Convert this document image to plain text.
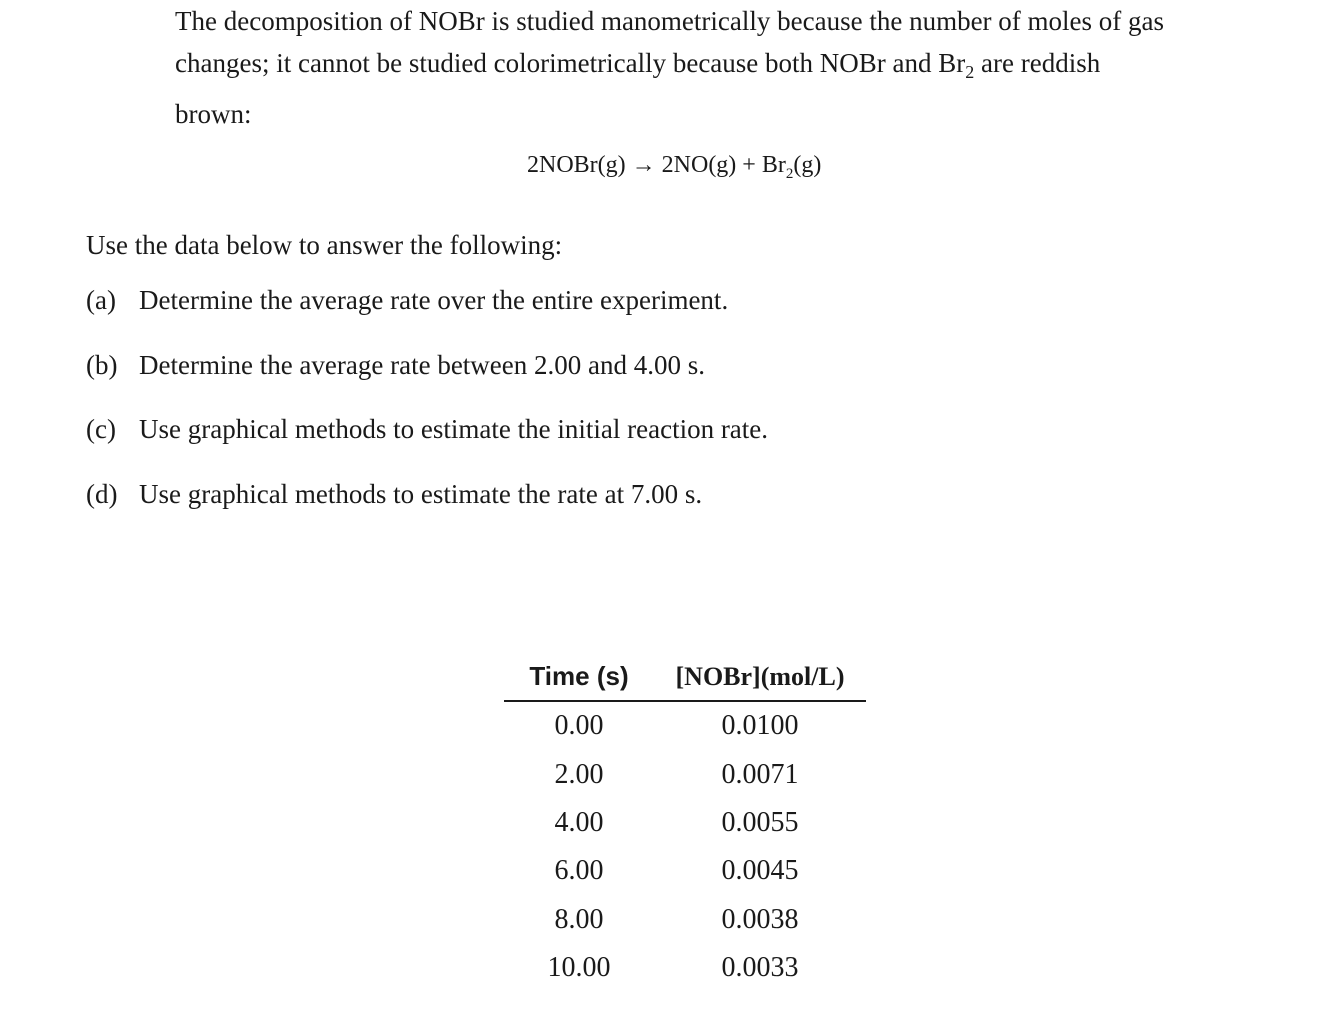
The decomposition of NOBr is studied manometrically because the number of moles of gas

changes; it cannot be studied colorimetrically because both NOBr and $Br_2$ are reddish

brown:

2NOBr(g) → $2NO(g) + Br_2(g)$
Use the data below to answer the following:
(a) Determine the average rate over the entire experiment.
(b) Determine the average rate between 2.00 and 4.00 s.
(c) Use graphical methods to estimate the initial reaction rate.
(d) Use graphical methods to estimate the rate at 7.00 s.
Time (s)	[NOBr](mol/L)
0.00	0.0100
2.00	0.0071
4.00	0.0055
6.00	0.0045
8.00	0.0038
10.00	0.0033
